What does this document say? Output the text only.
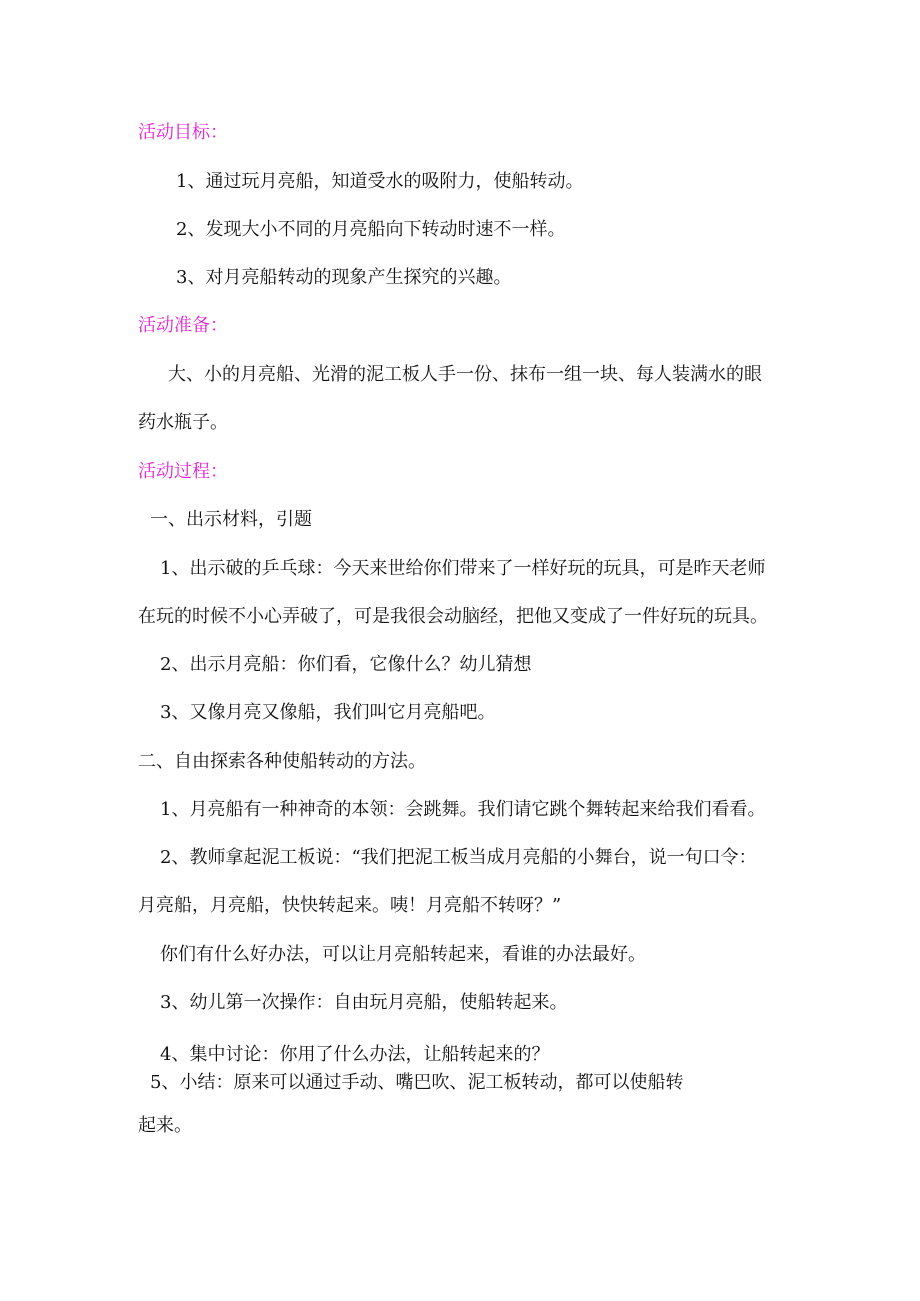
活动目标：
1、通过玩月亮船，知道受水的吸附力，使船转动。
2、发现大小不同的月亮船向下转动时速不一样。
3、对月亮船转动的现象产生探究的兴趣。
活动准备：
大、小的月亮船、光滑的泥工板人手一份、抹布一组一块、每人装满水的眼
药水瓶子。
活动过程：
一、出示材料，引题
1、出示破的乒乓球：今天来世给你们带来了一样好玩的玩具，可是昨天老师
在玩的时候不小心弄破了，可是我很会动脑经，把他又变成了一件好玩的玩具。
2、出示月亮船：你们看，它像什么？幼儿猜想
3、又像月亮又像船，我们叫它月亮船吧。
二、自由探索各种使船转动的方法。
1、月亮船有一种神奇的本领：会跳舞。我们请它跳个舞转起来给我们看看。
2、教师拿起泥工板说：“我们把泥工板当成月亮船的小舞台，说一句口令：
月亮船，月亮船，快快转起来。咦！月亮船不转呀？”
你们有什么好办法，可以让月亮船转起来，看谁的办法最好。
3、幼儿第一次操作：自由玩月亮船，使船转起来。
4、集中讨论：你用了什么办法，让船转起来的？
5、小结：原来可以通过手动、嘴巴吹、泥工板转动，都可以使船转
起来。
